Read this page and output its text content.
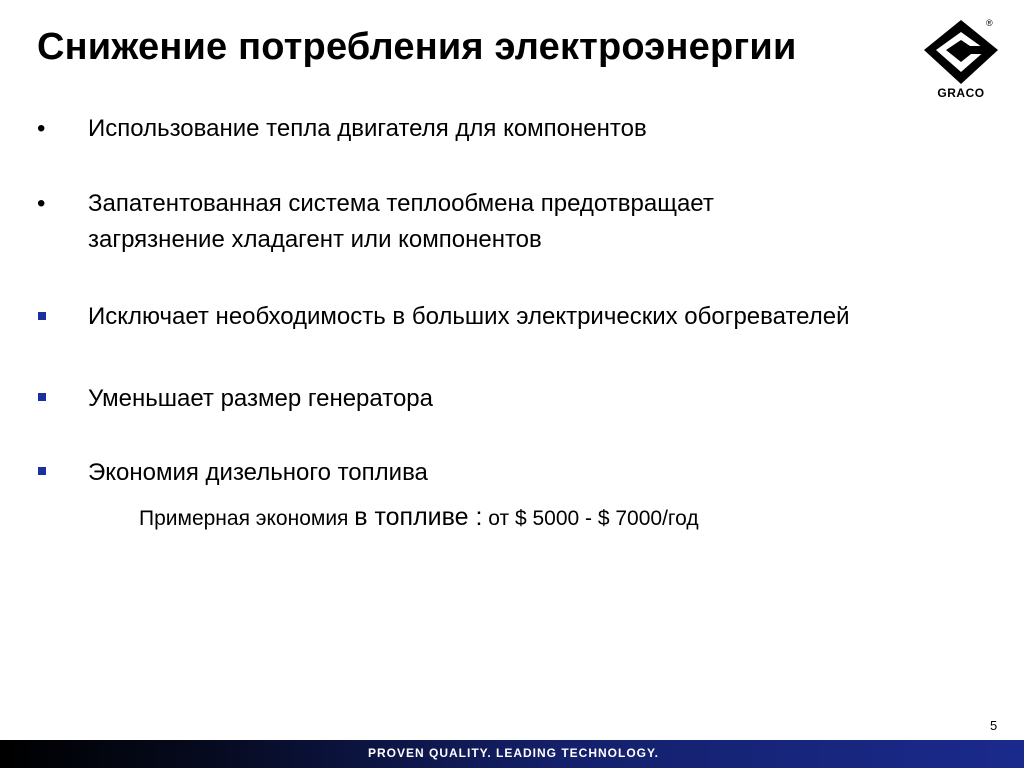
Снижение потребления электроэнергии
®
GRACO
• Использование тепла двигателя для компонентов
• Запатентованная система теплообмена предотвращает
загрязнение хладагент или компонентов
Исключает необходимость в больших электрических обогревателей
Уменьшает размер генератора
Экономия дизельного топлива
Примерная экономия в топливе : от $ 5000 - $ 7000/год
5
PROVEN QUALITY. LEADING TECHNOLOGY.
